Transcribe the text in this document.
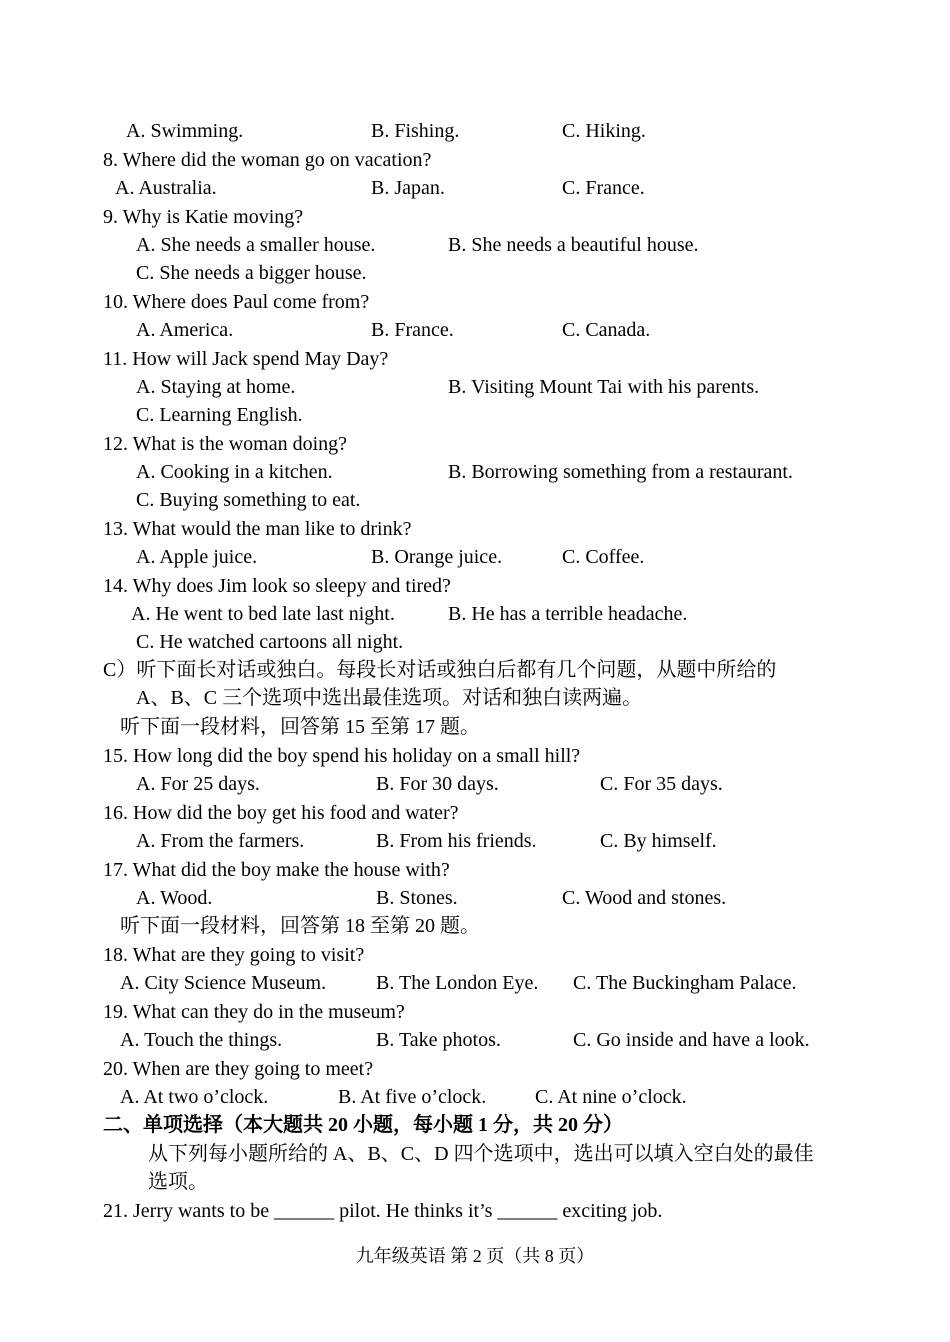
A. Swimming.	B. Fishing.	C. Hiking.
8. Where did the woman go on vacation?
A. Australia.	B. Japan.	C. France.
9. Why is Katie moving?
A. She needs a smaller house.	B. She needs a beautiful house.
C. She needs a bigger house.
10. Where does Paul come from?
A. America.	B. France.	C. Canada.
11. How will Jack spend May Day?
A. Staying at home.	B. Visiting Mount Tai with his parents.
C. Learning English.
12. What is the woman doing?
A. Cooking in a kitchen.	B. Borrowing something from a restaurant.
C. Buying something to eat.
13. What would the man like to drink?
A. Apple juice.	B. Orange juice.	C. Coffee.
14. Why does Jim look so sleepy and tired?
A. He went to bed late last night.	B. He has a terrible headache.
C. He watched cartoons all night.
C）听下面长对话或独白。每段长对话或独白后都有几个问题，从题中所给的
A、B、C 三个选项中选出最佳选项。对话和独白读两遍。
听下面一段材料，回答第 15 至第 17 题。
15. How long did the boy spend his holiday on a small hill?
A. For 25 days.	B. For 30 days.	C. For 35 days.
16. How did the boy get his food and water?
A. From the farmers.	B. From his friends.	C. By himself.
17. What did the boy make the house with?
A. Wood.	B. Stones.	C. Wood and stones.
听下面一段材料，回答第 18 至第 20 题。
18. What are they going to visit?
A. City Science Museum. B. The London Eye. C. The Buckingham Palace.
19. What can they do in the museum?
A. Touch the things.	B. Take photos.	C. Go inside and have a look.
20. When are they going to meet?
A. At two o’clock.	B. At five o’clock. C. At nine o’clock.
二、单项选择（本大题共 20 小题，每小题 1 分，共 20 分）
从下列每小题所给的 A、B、C、D 四个选项中，选出可以填入空白处的最佳
选项。
21. Jerry wants to be ______ pilot. He thinks it’s ______ exciting job.
九年级英语 第 2 页（共 8 页）
